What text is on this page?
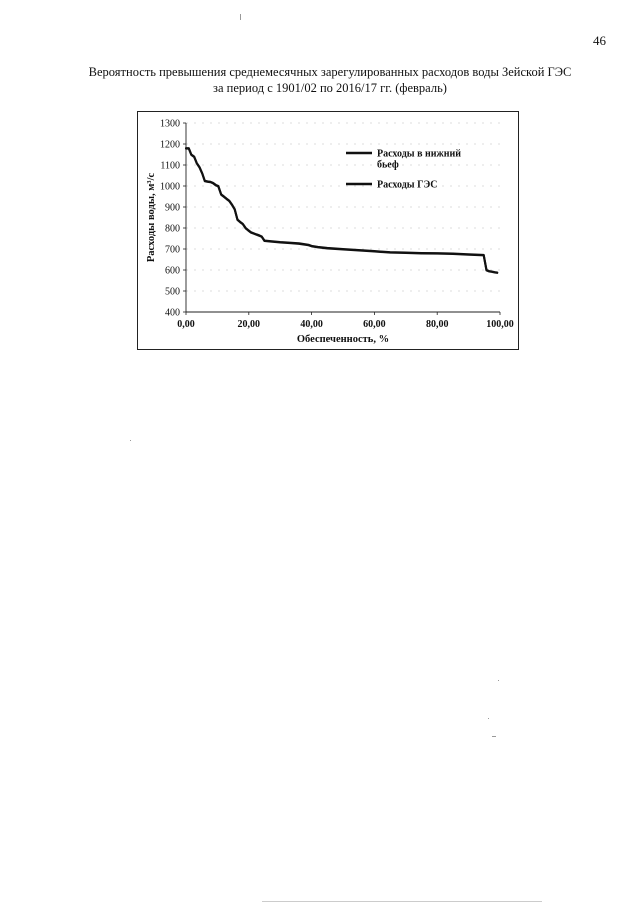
46
Вероятность превышения среднемесячных зарегулированных расходов воды Зейской ГЭС
за период с 1901/02 по 2016/17 гг. (февраль)
400
500
600
700
800
900
1000
1100
1200
1300
0,00	20,00	40,00	60,00	80,00	100,00
Обеспеченность, %
Расходы воды, м³/с
Расходы в нижний бьеф
Расходы ГЭС
